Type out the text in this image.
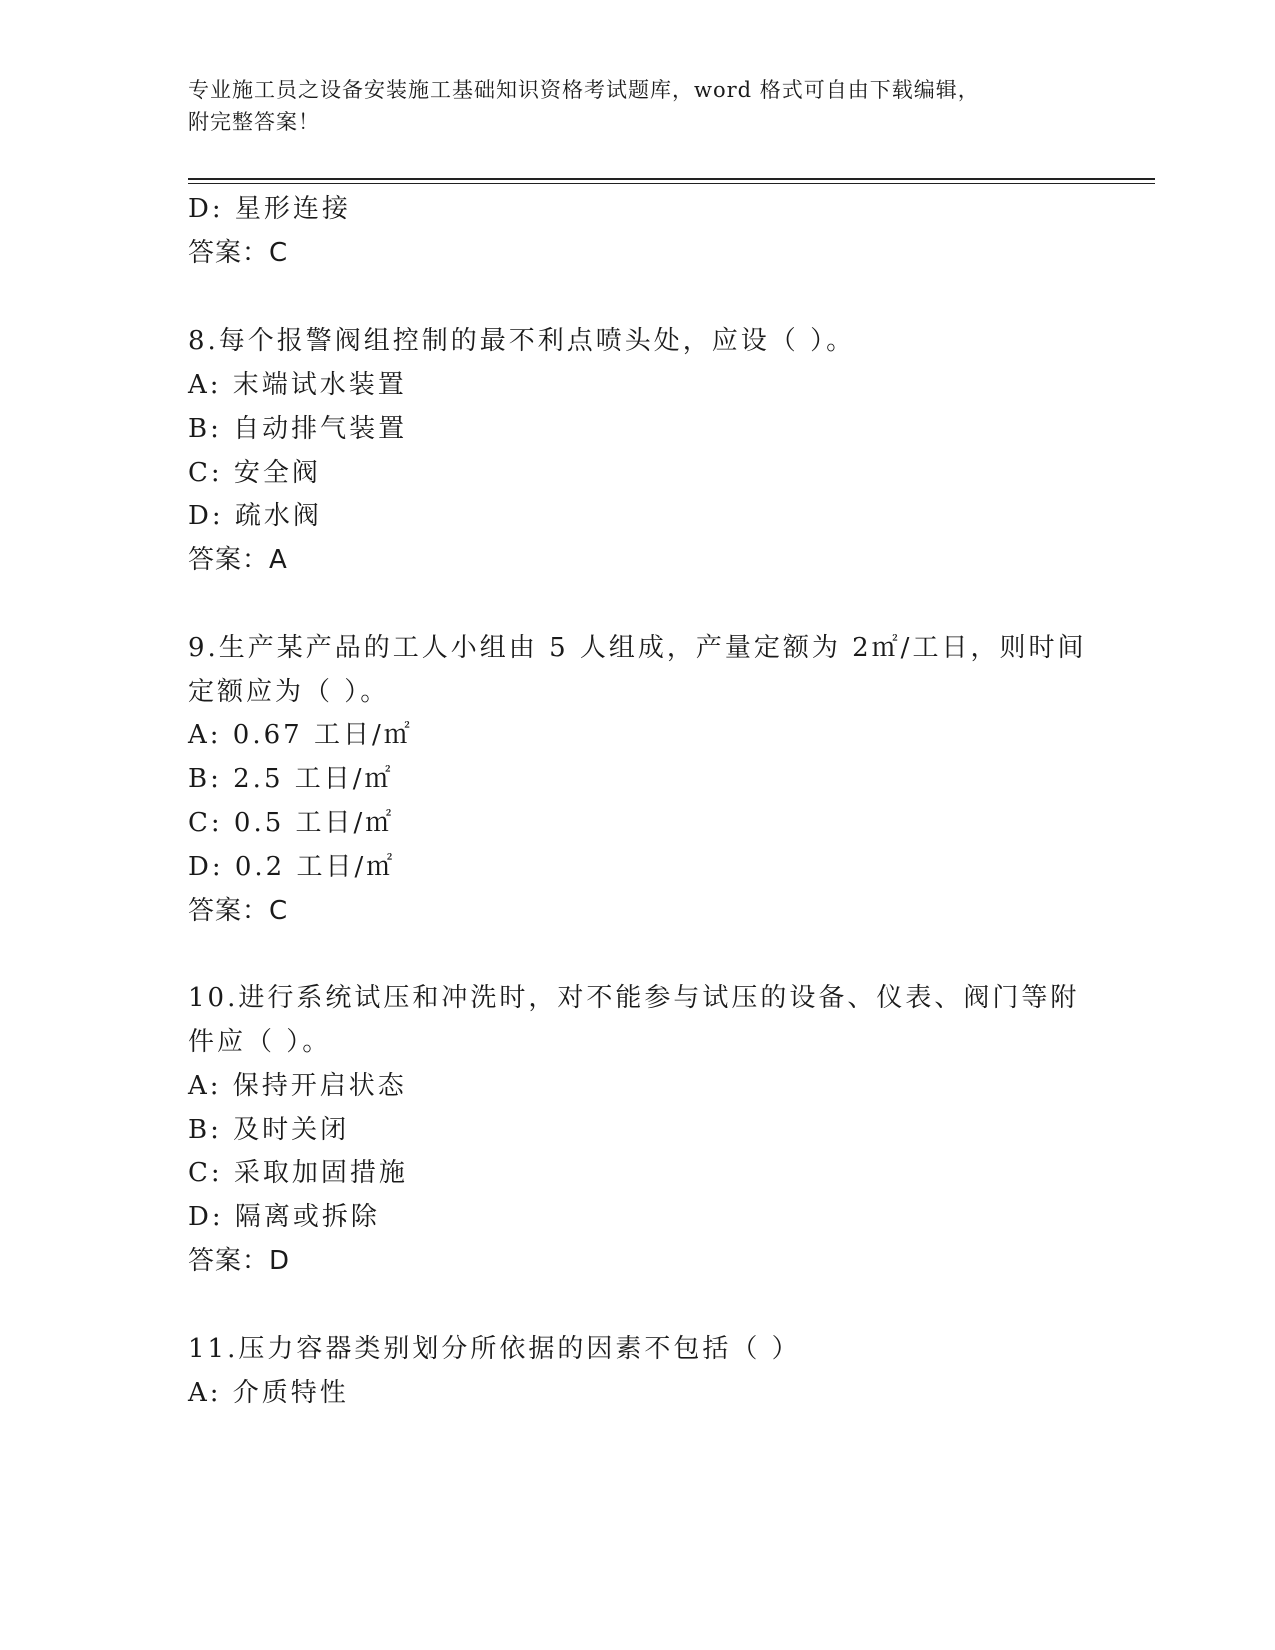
专业施工员之设备安装施工基础知识资格考试题库，word 格式可自由下载编辑，
附完整答案！
D: 星形连接
答案：C
8.每个报警阀组控制的最不利点喷头处，应设（ ）。
A: 末端试水装置
B: 自动排气装置
C: 安全阀
D: 疏水阀
答案：A
9.生产某产品的工人小组由 5 人组成，产量定额为 2㎡/工日，则时间
定额应为（ ）。
A: 0.67 工日/㎡
B: 2.5 工日/㎡
C: 0.5 工日/㎡
D: 0.2 工日/㎡
答案：C
10.进行系统试压和冲洗时，对不能参与试压的设备、仪表、阀门等附
件应（ ）。
A: 保持开启状态
B: 及时关闭
C: 采取加固措施
D: 隔离或拆除
答案：D
11.压力容器类别划分所依据的因素不包括（ ）
A: 介质特性
